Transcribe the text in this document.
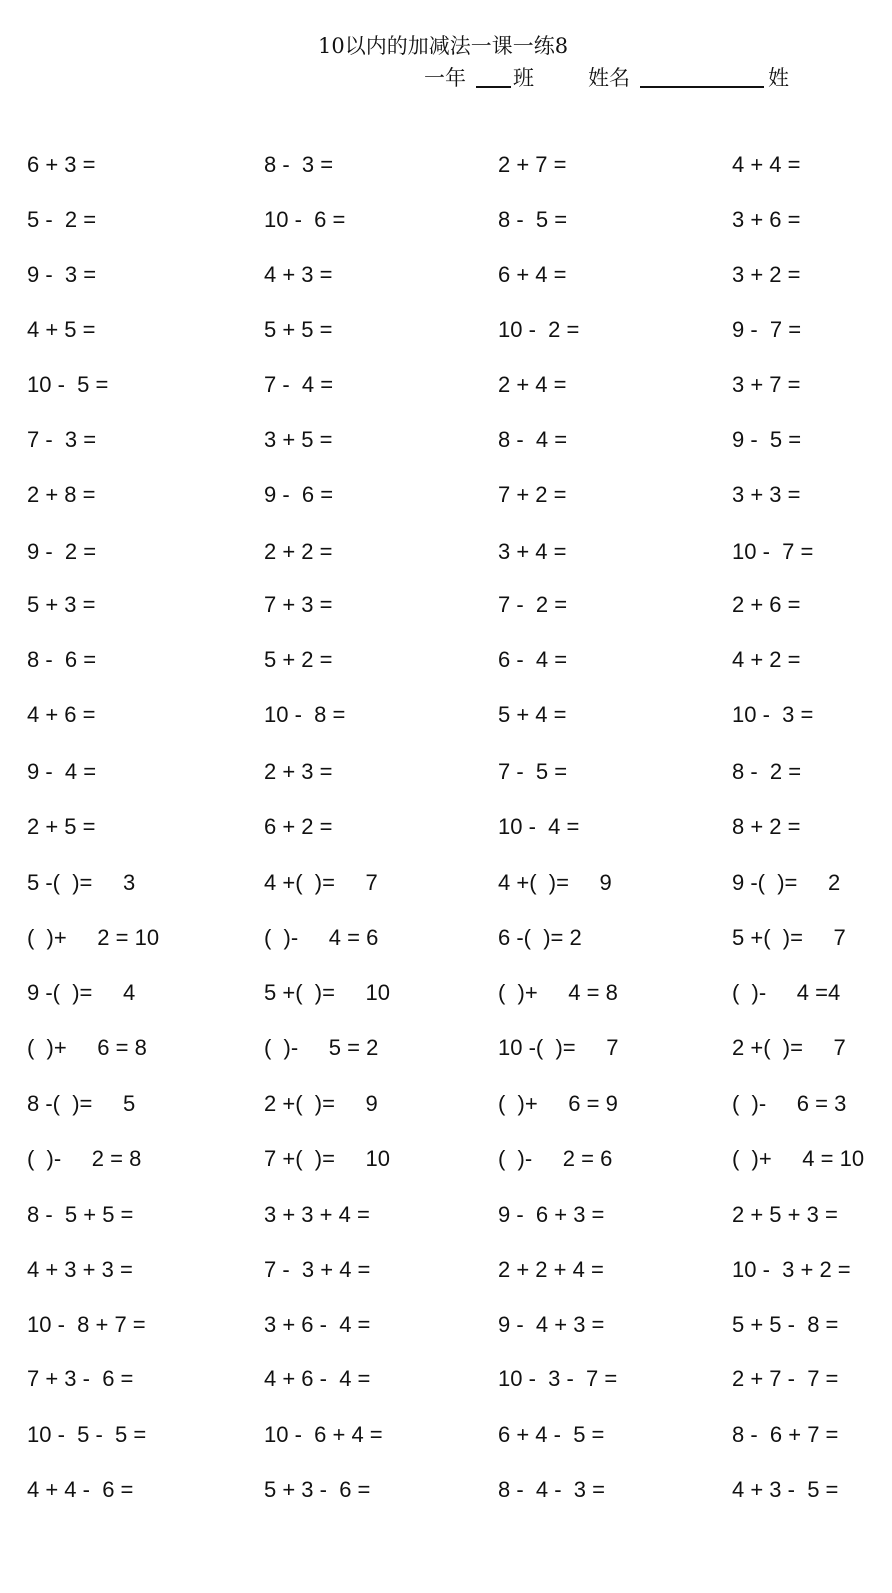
10以内的加减法一课一练8
一年 班	姓名	姓
6 + 3 =	8 -  3 =	2 + 7 =	4 + 4 =
5 -  2 =	10 -  6 =	8 -  5 =	3 + 6 =
9 -  3 =	4 + 3 =	6 + 4 =	3 + 2 =
4 + 5 =	5 + 5 =	10 -  2 =	9 -  7 =
10 -  5 =	7 -  4 =	2 + 4 =	3 + 7 =
7 -  3 =	3 + 5 =	8 -  4 =	9 -  5 =
2 + 8 =	9 -  6 =	7 + 2 =	3 + 3 =
9 -  2 =	2 + 2 =	3 + 4 =	10 -  7 =
5 + 3 =	7 + 3 =	7 -  2 =	2 + 6 =
8 -  6 =	5 + 2 =	6 -  4 =	4 + 2 =
4 + 6 =	10 -  8 =	5 + 4 =	10 -  3 =
9 -  4 =	2 + 3 =	7 -  5 =	8 -  2 =
2 + 5 =	6 + 2 =	10 -  4 =	8 + 2 =
5 -(  )=     3	4 +(  )=     7	4 +(  )=     9	9 -(  )=     2
(  )+     2 = 10	(  )-     4 = 6	6 -(  )= 2	5 +(  )=     7
9 -(  )=     4	5 +(  )=     10	(  )+     4 = 8	(  )-     4 =4
(  )+     6 = 8	(  )-     5 = 2	10 -(  )=     7	2 +(  )=     7
8 -(  )=     5	2 +(  )=     9	(  )+     6 = 9	(  )-     6 = 3
(  )-     2 = 8	7 +(  )=     10	(  )-     2 = 6	(  )+     4 = 10
8 -  5 + 5 =	3 + 3 + 4 =	9 -  6 + 3 =	2 + 5 + 3 =
4 + 3 + 3 =	7 -  3 + 4 =	2 + 2 + 4 =	10 -  3 + 2 =
10 -  8 + 7 =	3 + 6 -  4 =	9 -  4 + 3 =	5 + 5 -  8 =
7 + 3 -  6 =	4 + 6 -  4 =	10 -  3 -  7 =	2 + 7 -  7 =
10 -  5 -  5 =	10 -  6 + 4 =	6 + 4 -  5 =	8 -  6 + 7 =
4 + 4 -  6 =	5 + 3 -  6 =	8 -  4 -  3 =	4 + 3 -  5 =
